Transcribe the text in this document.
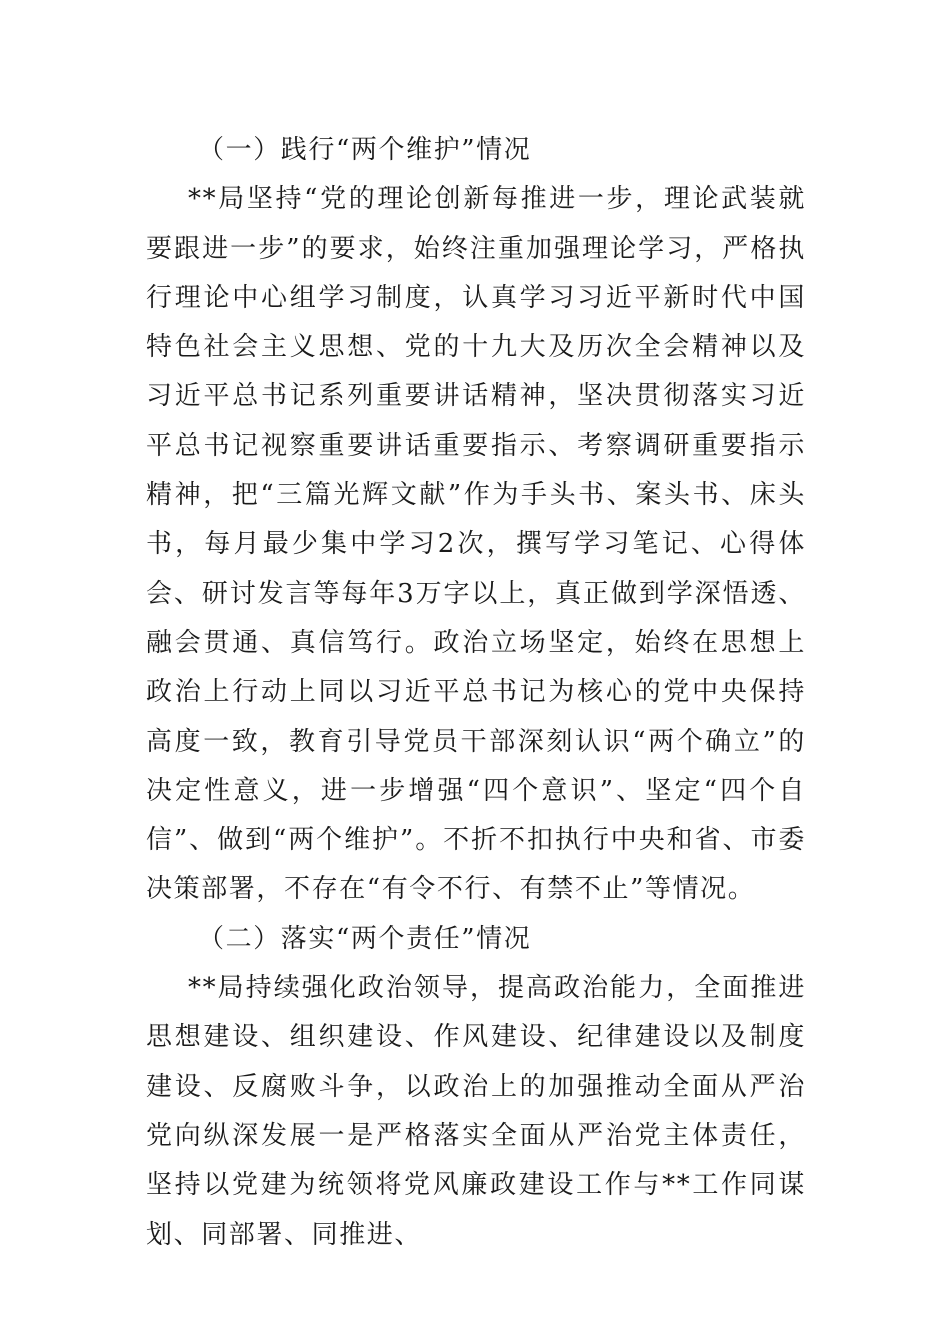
（一）践行“两个维护”情况

**局坚持“党的理论创新每推进一步，理论武装就要跟进一步”的要求，始终注重加强理论学习，严格执行理论中心组学习制度，认真学习习近平新时代中国特色社会主义思想、党的十九大及历次全会精神以及习近平总书记系列重要讲话精神，坚决贯彻落实习近平总书记视察重要讲话重要指示、考察调研重要指示精神，把“三篇光辉文献”作为手头书、案头书、床头书，每月最少集中学习2次，撰写学习笔记、心得体会、研讨发言等每年3万字以上，真正做到学深悟透、融会贯通、真信笃行。政治立场坚定，始终在思想上政治上行动上同以习近平总书记为核心的党中央保持高度一致，教育引导党员干部深刻认识“两个确立”的决定性意义，进一步增强“四个意识”、坚定“四个自信”、做到“两个维护”。不折不扣执行中央和省、市委决策部署，不存在“有令不行、有禁不止”等情况。

（二）落实“两个责任”情况

**局持续强化政治领导，提高政治能力，全面推进思想建设、组织建设、作风建设、纪律建设以及制度建设、反腐败斗争，以政治上的加强推动全面从严治党向纵深发展一是严格落实全面从严治党主体责任，坚持以党建为统领将党风廉政建设工作与**工作同谋划、同部署、同推进、
